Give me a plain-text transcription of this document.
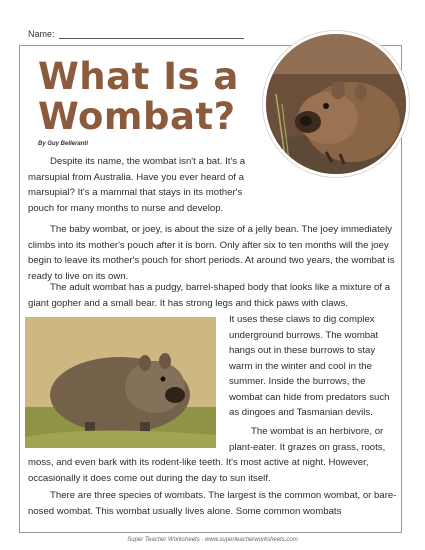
Name:
What Is a
Wombat?
By Guy Belleranti

Despite its name, the wombat isn't a bat. It's a marsupial from Australia. Have you ever heard of a marsupial? It's a mammal that stays in its mother's pouch for many months to nurse and develop.

The baby wombat, or joey, is about the size of a jelly bean. The joey immediately climbs into its mother's pouch after it is born. Only after six to ten months will the joey begin to leave its mother's pouch for short periods. At around two years, the wombat is ready to live on its own.

The adult wombat has a pudgy, barrel-shaped body that looks like a mixture of a giant gopher and a small bear. It has strong legs and thick paws with claws.

It uses these claws to dig complex underground burrows. The wombat hangs out in these burrows to stay warm in the winter and cool in the summer. Inside the burrows, the wombat can hide from predators such as dingoes and Tasmanian devils.

The wombat is an herbivore, or plant-eater. It grazes on grass, roots,

moss, and even bark with its rodent-like teeth. It's most active at night. However, occasionally it does come out during the day to sun itself.

There are three species of wombats. The largest is the common wombat, or bare-nosed wombat. This wombat usually lives alone. Some common wombats

Super Teacher Worksheets - www.superteacherworksheets.com
